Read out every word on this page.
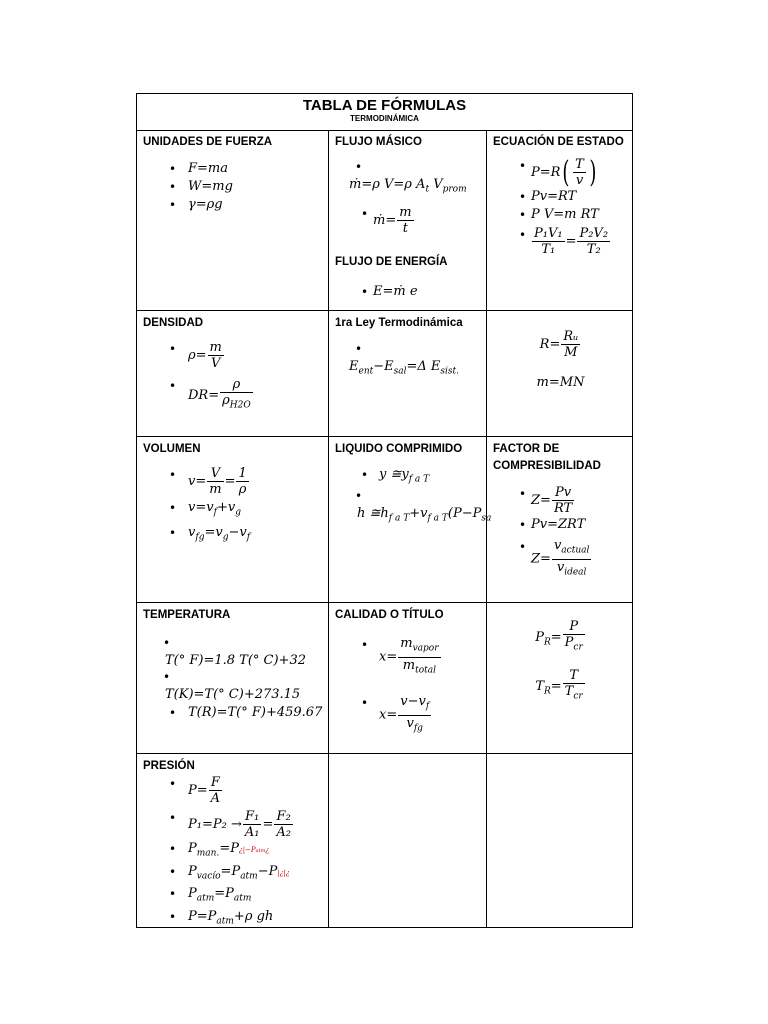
TABLA DE FÓRMULAS
TERMODINÁMICA
UNIDADES DE FUERZA
• F=ma
• W=mg
• γ=ρg
FLUJO MÁSICO
•
ṁ=ρ V=ρ $A_t$ $V_{prom}$
• ṁ= $\frac{m}{t}$
FLUJO DE ENERGÍA
• E=ṁ e
ECUACIÓN DE ESTADO
• $P=R( \frac{T}{v}$ )
• Pv=RT
• P V=m RT
• $\frac{\text{P₁V₁}}{\text{T₁}} = \frac{\text{P₂V₂}}{\text{T₂}}$
DENSIDAD
• $\rho= \frac{m}{V}$
• $DR= \frac{\rho}{\rho_{H2O}}$
1ra Ley Termodinámica
•
$E_{ent}-E_{sal}=\Delta$ $E_{sist.}$
$R= \frac{\text{Rᵤ}}{M}$
m=MN
VOLUMEN
• $v= \frac{V}{m} = \frac{1}{\rho}$
• $v=v_f+v_g$
• $v_{fg}=v_g-v_f$
LIQUIDO COMPRIMIDO
• y $≅y_{f a T}$
•
h $≅h_{f a T}+v_{f a T}(P-P_{sa}$
FACTOR DE
COMPRESIBILIDAD
• $Z= \frac{Pv}{RT}$
• Pv=ZRT
• $Z= \frac{v_{actual}}{v_{ideal}}$
TEMPERATURA
•
T(° F)=1.8 T(° C)+32
•
T(K)=T(° C)+273.15
• T(R)=T(° F)+459.67
CALIDAD O TÍTULO
• $x= \frac{m_{vapor}}{m_{total}}$
• $x= \frac{v-v_f}{v_{fg}}$
$P_R= \frac{P}{P_{cr}}$
$T_R= \frac{T}{T_{cr}}$
PRESIÓN
• $P= \frac{F}{A}$
• $P_1=P_2 \to \frac{\text{F₁}}{\text{A₁}} = \frac{\text{F₂}}{\text{A₂}}$
• $P_{man.}=P¿|-Patm¿$
• $P_{vacío}=P_{atm}-P|¿|¿$
• $P_{atm}=P_{atm}$
• $P=P_{atm}+\rho$ gh
